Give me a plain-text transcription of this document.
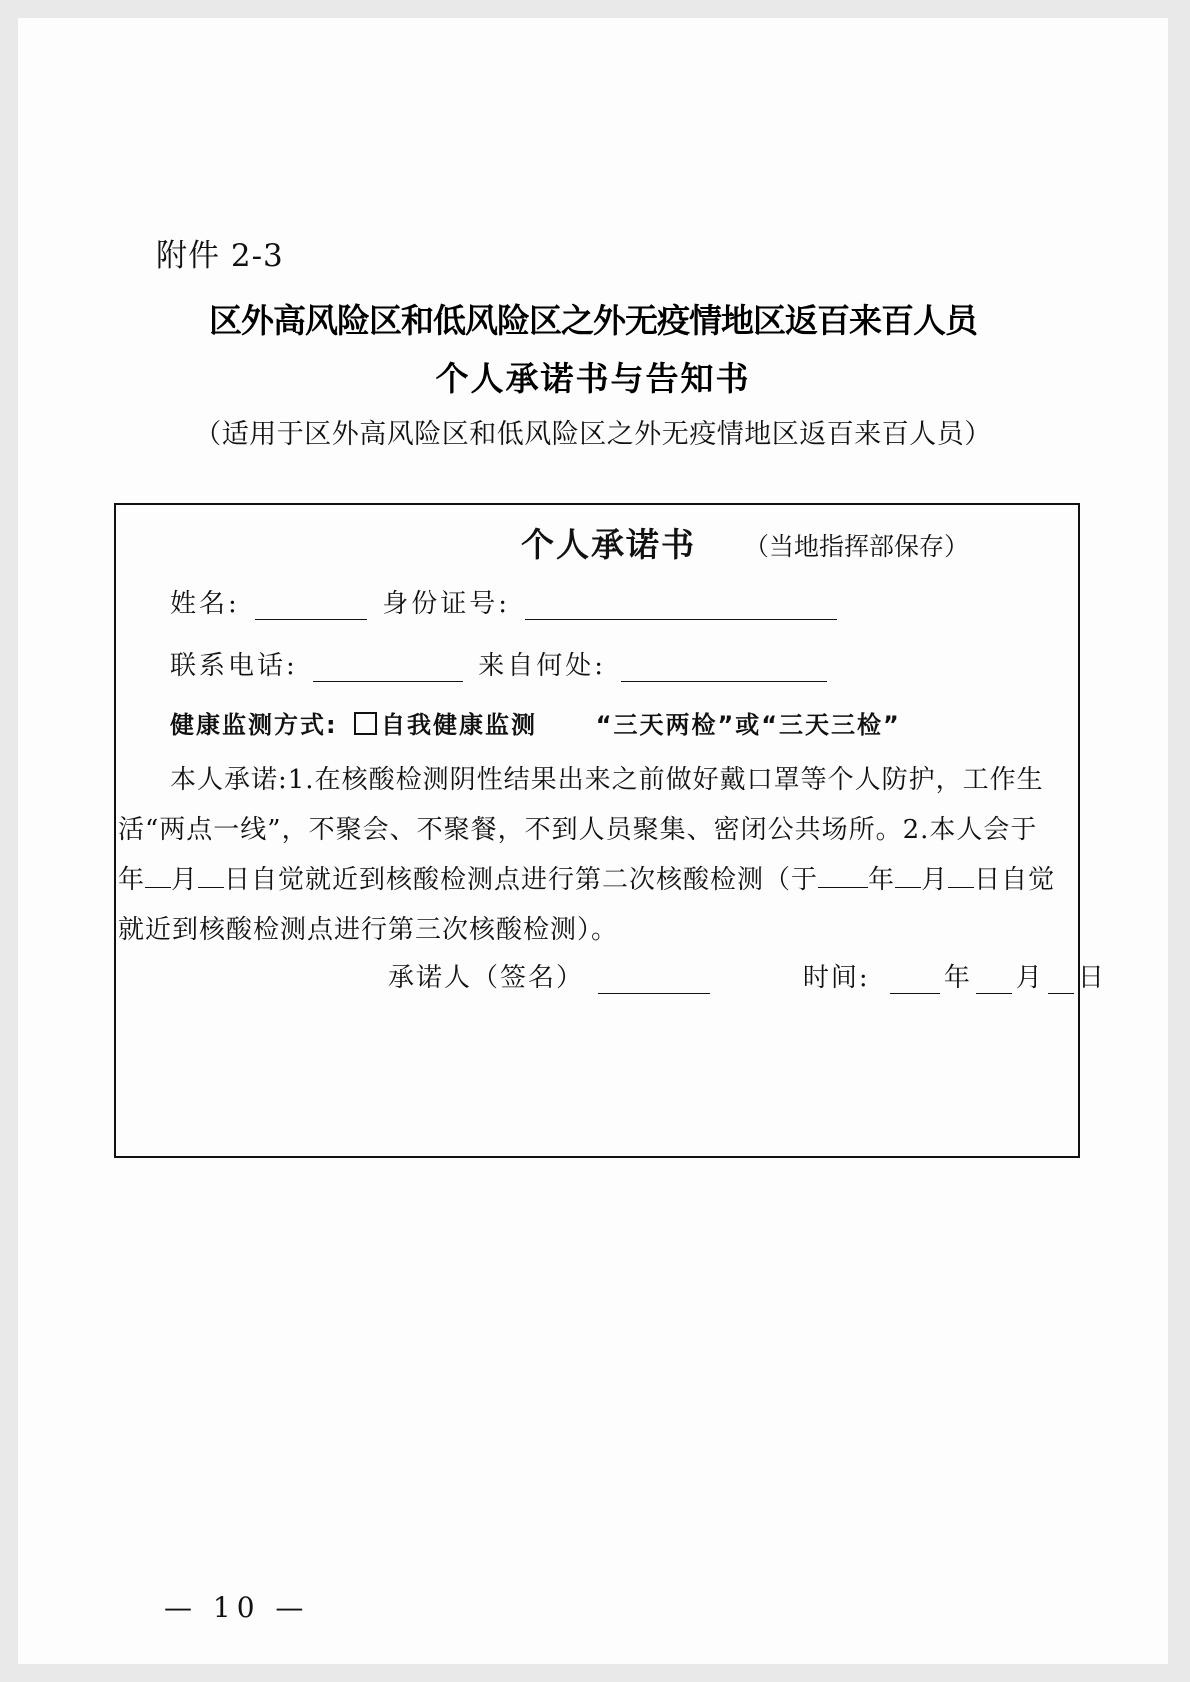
附件 2-3
区外高风险区和低风险区之外无疫情地区返百来百人员
个人承诺书与告知书
（适用于区外高风险区和低风险区之外无疫情地区返百来百人员）
个人承诺书 （当地指挥部保存）
姓名:	身份证号:
联系电话:	来自何处:
健康监测方式: 自我健康监测 “三天两检”或“三天三检”
本人承诺:1.在核酸检测阴性结果出来之前做好戴口罩等个人防护，工作生
活“两点一线”，不聚会、不聚餐，不到人员聚集、密闭公共场所。2.本人会于
年 月 日自觉就近到核酸检测点进行第二次核酸检测（于 年 月 日自觉
就近到核酸检测点进行第三次核酸检测）。
承诺人（签名）	时间:	年 月 日
— 10 —
